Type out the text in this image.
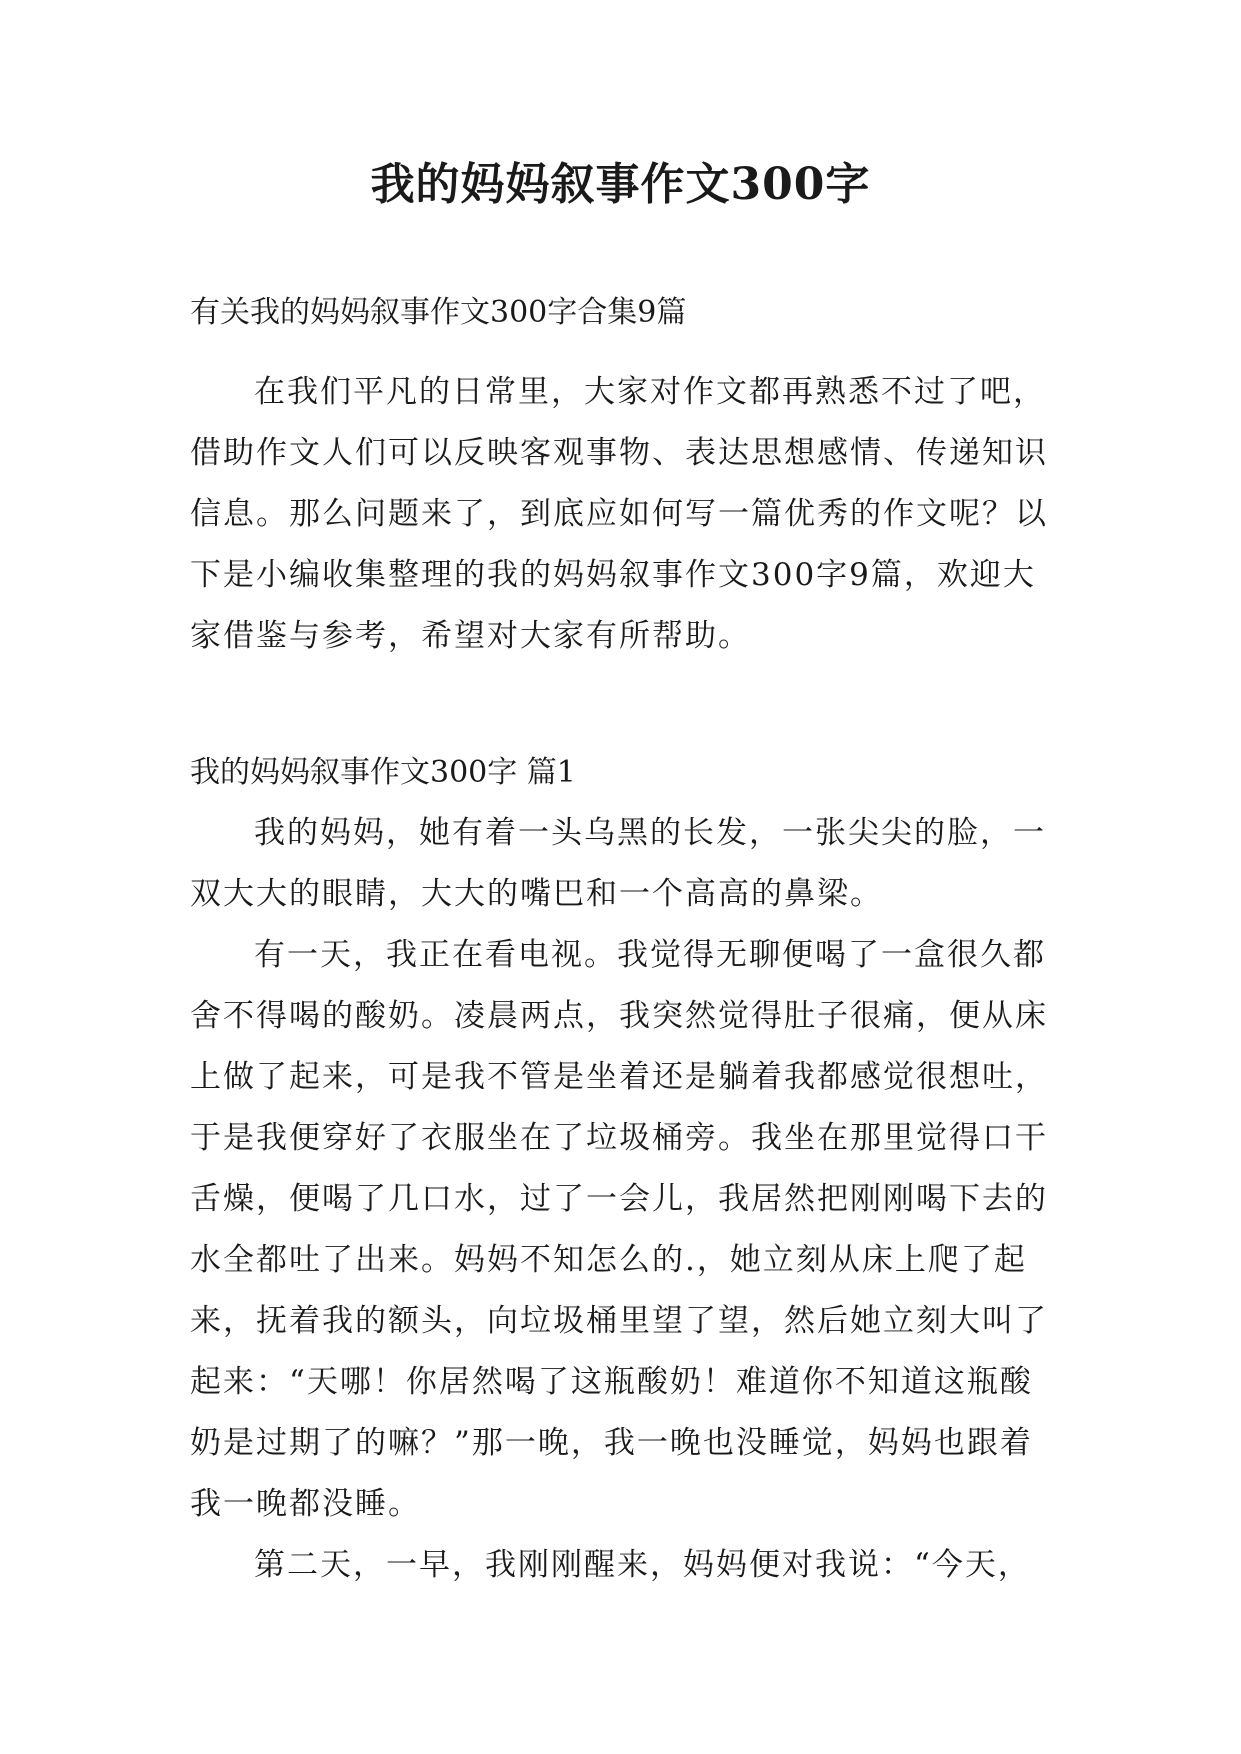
我的妈妈叙事作文300字
有关我的妈妈叙事作文300字合集9篇
在我们平凡的日常里，大家对作文都再熟悉不过了吧，
借助作文人们可以反映客观事物、表达思想感情、传递知识
信息。那么问题来了，到底应如何写一篇优秀的作文呢？以
下是小编收集整理的我的妈妈叙事作文300字9篇，欢迎大
家借鉴与参考，希望对大家有所帮助。
我的妈妈叙事作文300字 篇1
我的妈妈，她有着一头乌黑的长发，一张尖尖的脸，一
双大大的眼睛，大大的嘴巴和一个高高的鼻梁。
有一天，我正在看电视。我觉得无聊便喝了一盒很久都
舍不得喝的酸奶。凌晨两点，我突然觉得肚子很痛，便从床
上做了起来，可是我不管是坐着还是躺着我都感觉很想吐，
于是我便穿好了衣服坐在了垃圾桶旁。我坐在那里觉得口干
舌燥，便喝了几口水，过了一会儿，我居然把刚刚喝下去的
水全都吐了出来。妈妈不知怎么的.，她立刻从床上爬了起
来，抚着我的额头，向垃圾桶里望了望，然后她立刻大叫了
起来：“天哪！你居然喝了这瓶酸奶！难道你不知道这瓶酸
奶是过期了的嘛？”那一晚，我一晚也没睡觉，妈妈也跟着
我一晚都没睡。
第二天，一早，我刚刚醒来，妈妈便对我说：“今天，
